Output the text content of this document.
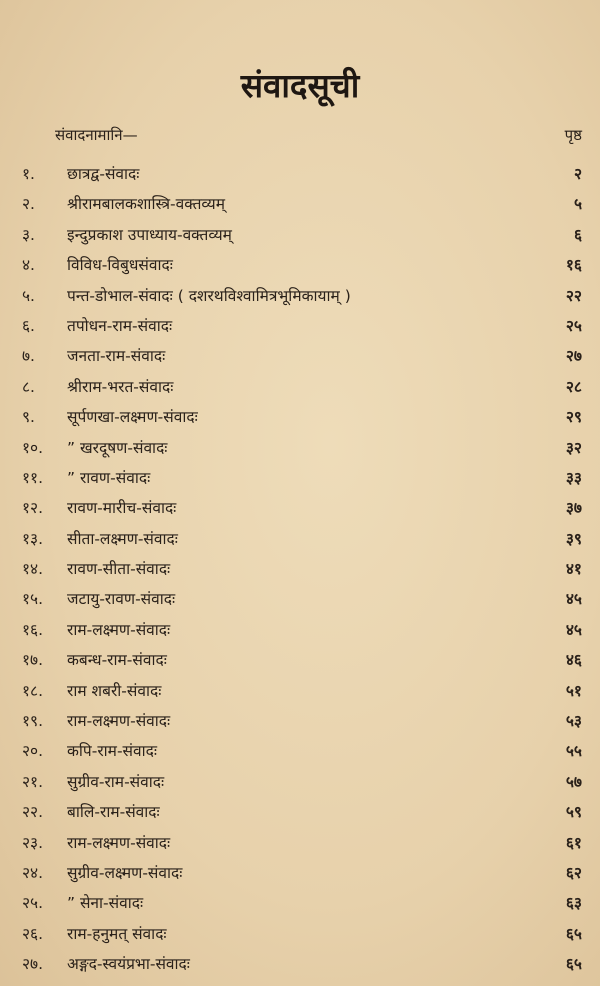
संवादसूची
संवादनामानि—	पृष्ठ
१.	छात्रद्व-संवादः	२
२.	श्रीरामबालकशास्त्रि-वक्तव्यम्	५
३.	इन्दुप्रकाश उपाध्याय-वक्तव्यम्	६
४.	विविध-विबुधसंवादः	१६
५.	पन्त-डोभाल-संवादः ( दशरथविश्वामित्रभूमिकायाम् )	२२
६.	तपोधन-राम-संवादः	२५
७.	जनता-राम-संवादः	२७
८.	श्रीराम-भरत-संवादः	२८
९.	सूर्पणखा-लक्ष्मण-संवादः	२९
१०.	” खरदूषण-संवादः	३२
११.	” रावण-संवादः	३३
१२.	रावण-मारीच-संवादः	३७
१३.	सीता-लक्ष्मण-संवादः	३९
१४.	रावण-सीता-संवादः	४१
१५.	जटायु-रावण-संवादः	४५
१६.	राम-लक्ष्मण-संवादः	४५
१७.	कबन्ध-राम-संवादः	४६
१८.	राम शबरी-संवादः	५१
१९.	राम-लक्ष्मण-संवादः	५३
२०.	कपि-राम-संवादः	५५
२१.	सुग्रीव-राम-संवादः	५७
२२.	बालि-राम-संवादः	५९
२३.	राम-लक्ष्मण-संवादः	६१
२४.	सुग्रीव-लक्ष्मण-संवादः	६२
२५.	” सेना-संवादः	६३
२६.	राम-हनुमत् संवादः	६५
२७.	अङ्गद-स्वयंप्रभा-संवादः	६५
